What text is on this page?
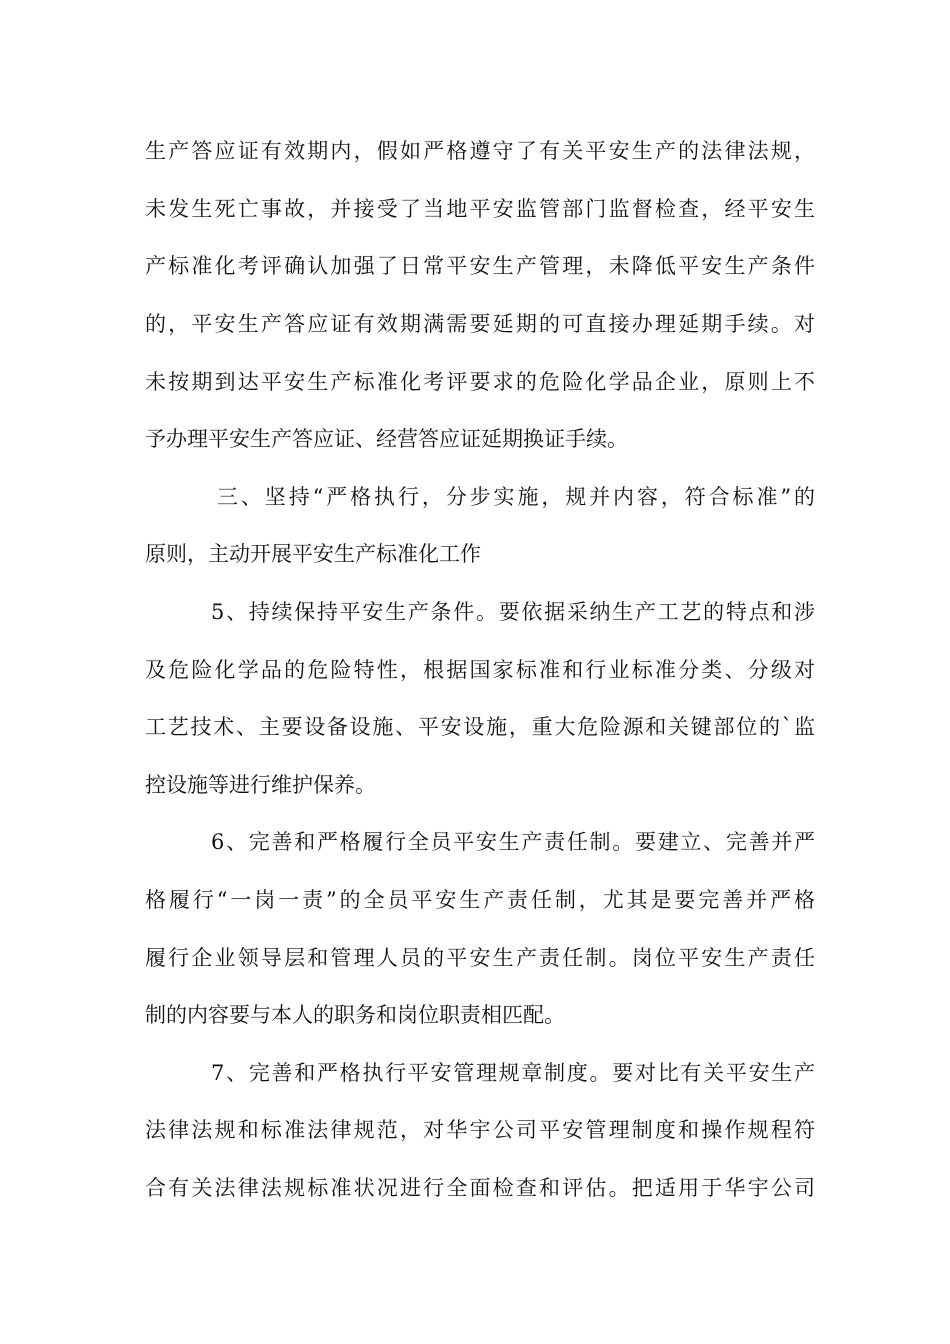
生产答应证有效期内，假如严格遵守了有关平安生产的法律法规，
未发生死亡事故，并接受了当地平安监管部门监督检查，经平安生
产标准化考评确认加强了日常平安生产管理，未降低平安生产条件
的，平安生产答应证有效期满需要延期的可直接办理延期手续。对
未按期到达平安生产标准化考评要求的危险化学品企业，原则上不
予办理平安生产答应证、经营答应证延期换证手续。
三、坚持“严格执行，分步实施，规并内容，符合标准”的
原则，主动开展平安生产标准化工作
5、持续保持平安生产条件。要依据采纳生产工艺的特点和涉
及危险化学品的危险特性，根据国家标准和行业标准分类、分级对
工艺技术、主要设备设施、平安设施，重大危险源和关键部位的`监
控设施等进行维护保养。
6、完善和严格履行全员平安生产责任制。要建立、完善并严
格履行“一岗一责”的全员平安生产责任制，尤其是要完善并严格
履行企业领导层和管理人员的平安生产责任制。岗位平安生产责任
制的内容要与本人的职务和岗位职责相匹配。
7、完善和严格执行平安管理规章制度。要对比有关平安生产
法律法规和标准法律规范，对华宇公司平安管理制度和操作规程符
合有关法律法规标准状况进行全面检查和评估。把适用于华宇公司
